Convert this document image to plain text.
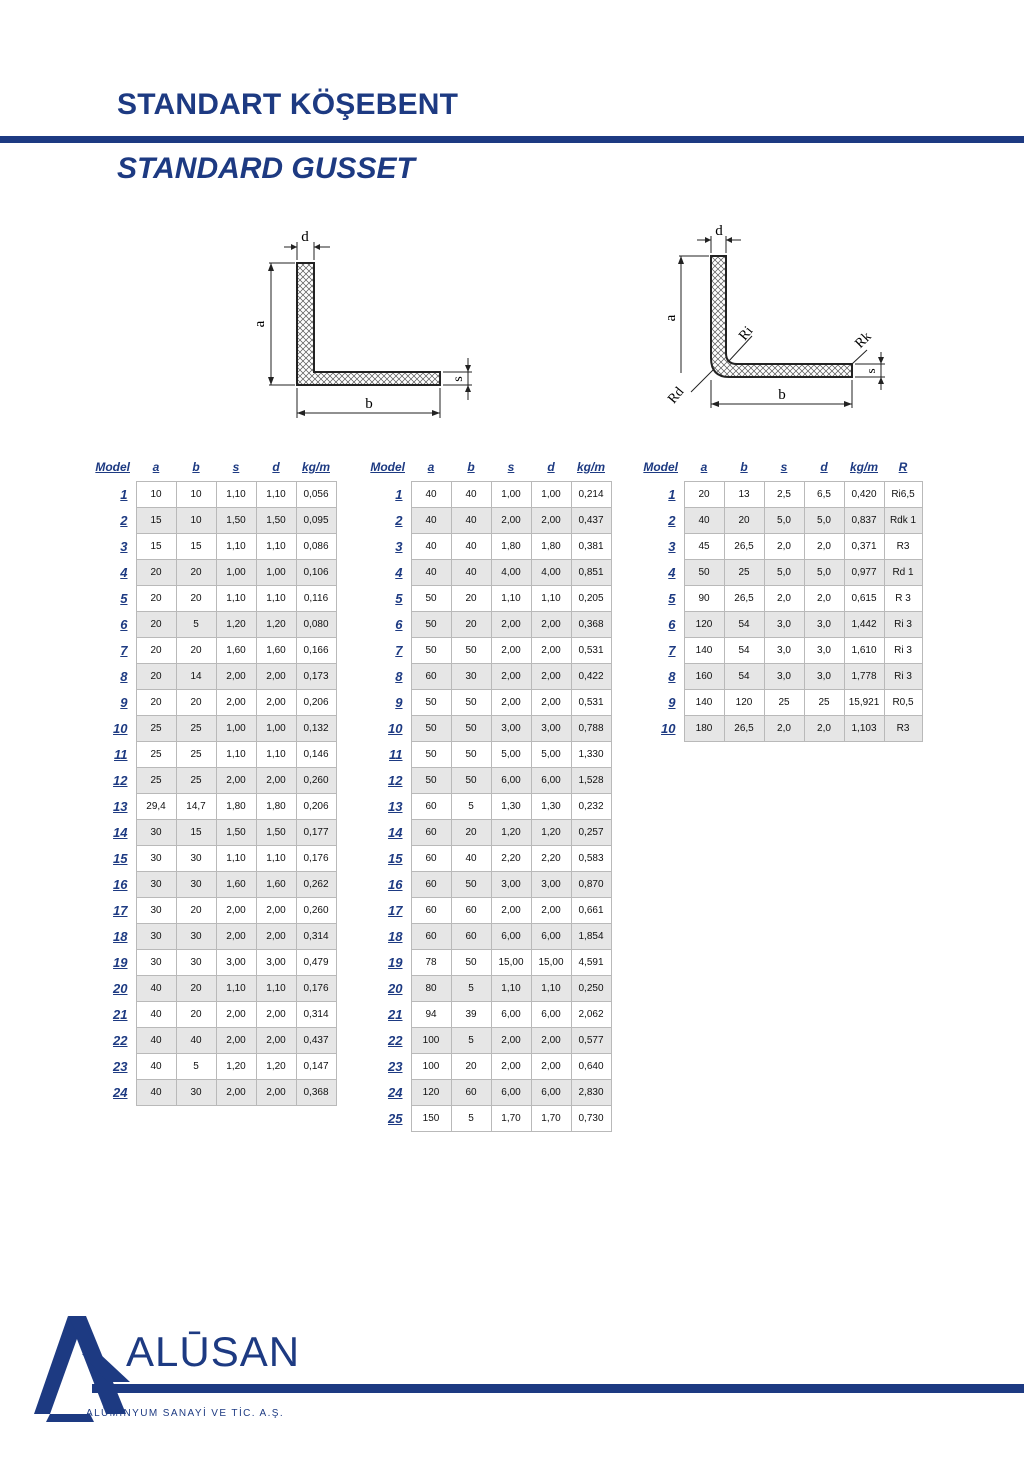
STANDART KÖŞEBENT
STANDARD GUSSET
d
a
b
s
d
a
Ri
Rd
Rk
b
s
Model	a	b	s	d	kg/m
1	10	10	1,10	1,10	0,056
2	15	10	1,50	1,50	0,095
3	15	15	1,10	1,10	0,086
4	20	20	1,00	1,00	0,106
5	20	20	1,10	1,10	0,116
6	20	5	1,20	1,20	0,080
7	20	20	1,60	1,60	0,166
8	20	14	2,00	2,00	0,173
9	20	20	2,00	2,00	0,206
10	25	25	1,00	1,00	0,132
11	25	25	1,10	1,10	0,146
12	25	25	2,00	2,00	0,260
13	29,4	14,7	1,80	1,80	0,206
14	30	15	1,50	1,50	0,177
15	30	30	1,10	1,10	0,176
16	30	30	1,60	1,60	0,262
17	30	20	2,00	2,00	0,260
18	30	30	2,00	2,00	0,314
19	30	30	3,00	3,00	0,479
20	40	20	1,10	1,10	0,176
21	40	20	2,00	2,00	0,314
22	40	40	2,00	2,00	0,437
23	40	5	1,20	1,20	0,147
24	40	30	2,00	2,00	0,368
Model	a	b	s	d	kg/m
1	40	40	1,00	1,00	0,214
2	40	40	2,00	2,00	0,437
3	40	40	1,80	1,80	0,381
4	40	40	4,00	4,00	0,851
5	50	20	1,10	1,10	0,205
6	50	20	2,00	2,00	0,368
7	50	50	2,00	2,00	0,531
8	60	30	2,00	2,00	0,422
9	50	50	2,00	2,00	0,531
10	50	50	3,00	3,00	0,788
11	50	50	5,00	5,00	1,330
12	50	50	6,00	6,00	1,528
13	60	5	1,30	1,30	0,232
14	60	20	1,20	1,20	0,257
15	60	40	2,20	2,20	0,583
16	60	50	3,00	3,00	0,870
17	60	60	2,00	2,00	0,661
18	60	60	6,00	6,00	1,854
19	78	50	15,00	15,00	4,591
20	80	5	1,10	1,10	0,250
21	94	39	6,00	6,00	2,062
22	100	5	2,00	2,00	0,577
23	100	20	2,00	2,00	0,640
24	120	60	6,00	6,00	2,830
25	150	5	1,70	1,70	0,730
Model	a	b	s	d	kg/m	R
1	20	13	2,5	6,5	0,420	Ri6,5
2	40	20	5,0	5,0	0,837	Rdk 1
3	45	26,5	2,0	2,0	0,371	R3
4	50	25	5,0	5,0	0,977	Rd 1
5	90	26,5	2,0	2,0	0,615	R 3
6	120	54	3,0	3,0	1,442	Ri 3
7	140	54	3,0	3,0	1,610	Ri 3
8	160	54	3,0	3,0	1,778	Ri 3
9	140	120	25	25	15,921	R0,5
10	180	26,5	2,0	2,0	1,103	R3

ALŪSAN

ALÜMİNYUM SANAYİ VE TİC. A.Ş.
